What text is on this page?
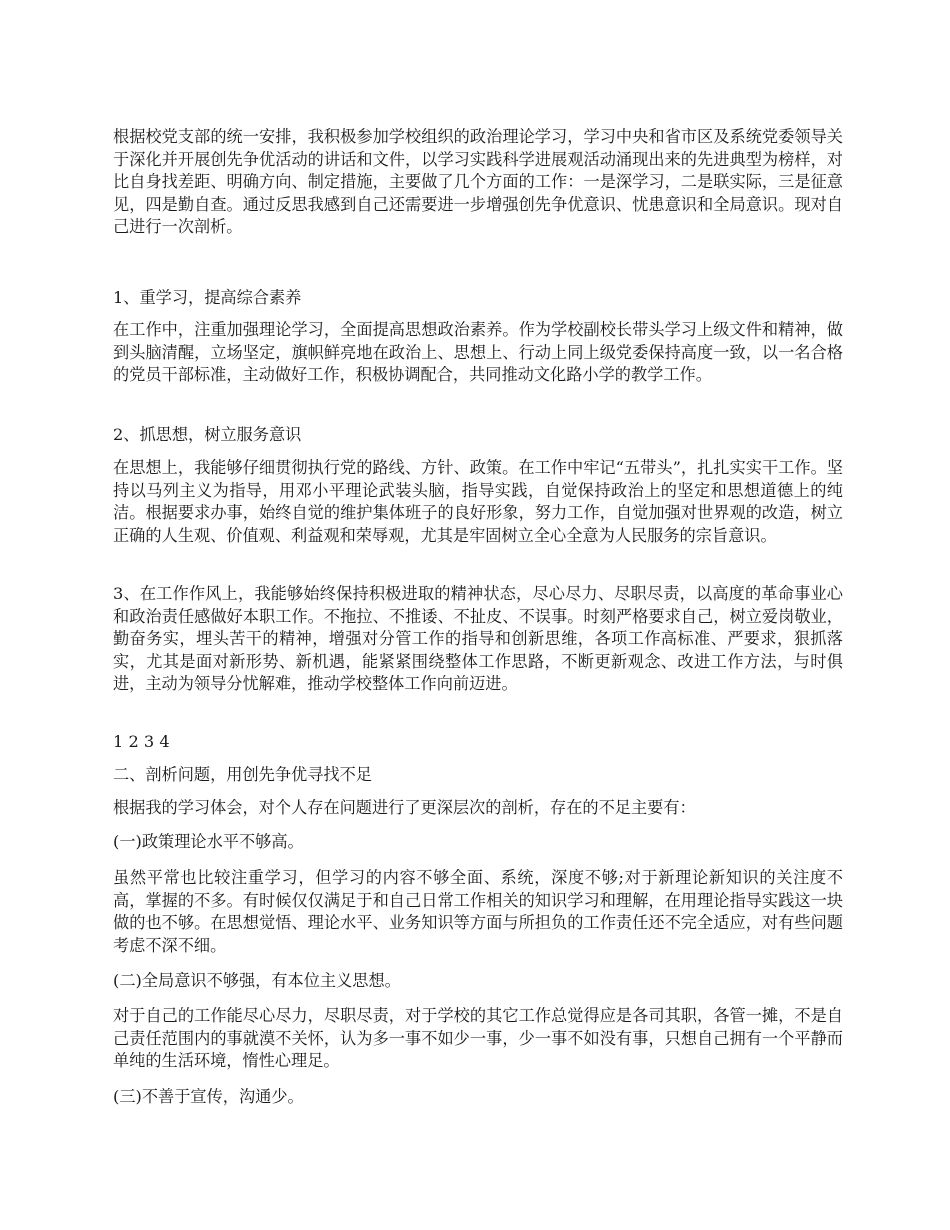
根据校党支部的统一安排，我积极参加学校组织的政治理论学习，学习中央和省市区及系统党委领导关于深化并开展创先争优活动的讲话和文件，以学习实践科学进展观活动涌现出来的先进典型为榜样，对比自身找差距、明确方向、制定措施，主要做了几个方面的工作：一是深学习，二是联实际，三是征意见，四是勤自查。通过反思我感到自己还需要进一步增强创先争优意识、忧患意识和全局意识。现对自己进行一次剖析。

1、重学习，提高综合素养

在工作中，注重加强理论学习，全面提高思想政治素养。作为学校副校长带头学习上级文件和精神，做到头脑清醒，立场坚定，旗帜鲜亮地在政治上、思想上、行动上同上级党委保持高度一致，以一名合格的党员干部标准，主动做好工作，积极协调配合，共同推动文化路小学的教学工作。

2、抓思想，树立服务意识

在思想上，我能够仔细贯彻执行党的路线、方针、政策。在工作中牢记“五带头”，扎扎实实干工作。坚持以马列主义为指导，用邓小平理论武装头脑，指导实践，自觉保持政治上的坚定和思想道德上的纯洁。根据要求办事，始终自觉的维护集体班子的良好形象，努力工作，自觉加强对世界观的改造，树立正确的人生观、价值观、利益观和荣辱观，尤其是牢固树立全心全意为人民服务的宗旨意识。

3、在工作作风上，我能够始终保持积极进取的精神状态，尽心尽力、尽职尽责，以高度的革命事业心和政治责任感做好本职工作。不拖拉、不推诿、不扯皮、不误事。时刻严格要求自己，树立爱岗敬业，勤奋务实，埋头苦干的精神，增强对分管工作的指导和创新思维，各项工作高标准、严要求，狠抓落实，尤其是面对新形势、新机遇，能紧紧围绕整体工作思路，不断更新观念、改进工作方法，与时俱进，主动为领导分忧解难，推动学校整体工作向前迈进。

1 2 3 4

二、剖析问题，用创先争优寻找不足

根据我的学习体会，对个人存在问题进行了更深层次的剖析，存在的不足主要有：

(一)政策理论水平不够高。

虽然平常也比较注重学习，但学习的内容不够全面、系统，深度不够;对于新理论新知识的关注度不高，掌握的不多。有时候仅仅满足于和自己日常工作相关的知识学习和理解，在用理论指导实践这一块做的也不够。在思想觉悟、理论水平、业务知识等方面与所担负的工作责任还不完全适应，对有些问题考虑不深不细。

(二)全局意识不够强，有本位主义思想。

对于自己的工作能尽心尽力，尽职尽责，对于学校的其它工作总觉得应是各司其职，各管一摊，不是自己责任范围内的事就漠不关怀，认为多一事不如少一事，少一事不如没有事，只想自己拥有一个平静而单纯的生活环境，惰性心理足。

(三)不善于宣传，沟通少。
